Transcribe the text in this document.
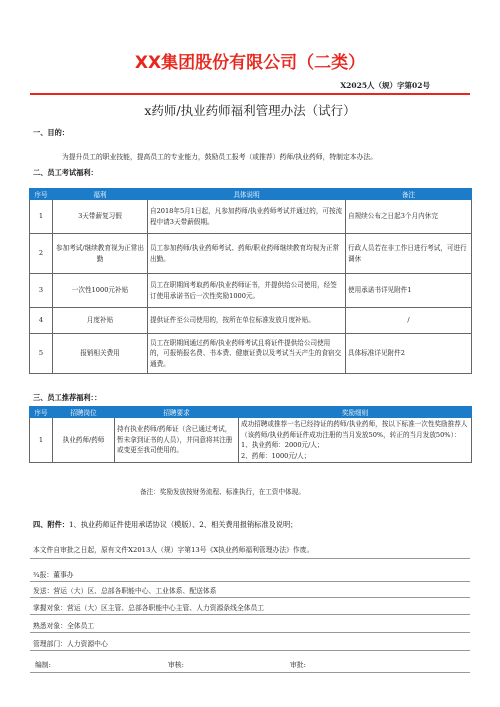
XX集团股份有限公司（二类）
X2025人（规）字第02号
x药师/执业药师福利管理办法（试行）
一、目的：
为提升员工的职业技能，提高员工的专业能力，鼓励员工报考（或推荐）药师/执业药师，特制定本办法。
二、员工考试福利：
序号	福利	具体说明	备注
1	3天带薪复习假	自2018年5月1日起，凡参加药师/执业药师考试并通过的，可按流程申请3天带薪假期。	自规续公布之日起3个月内休完
2	参加考试/继续教育视为正常出勤	员工参加药师/执业药师考试、药师/职业药师继续教育均视为正常出勤。	行政人员若在非工作日进行考试，可进行调休
3	一次性1000元补贴	员工在职期间考取药师/执业药师证书，并提供给公司使用，经签订使用承诺书后一次性奖励1000元。	使用承诺书详见附件1
4	月度补贴	提供证件至公司使用的，按所在单位标准发放月度补贴。	/
5	报销相关费用	员工在职期间通过药师/执业药师考试且将证件提供给公司使用的，可报销报名费、书本费、健康证费以及考试当天产生的食宿交通费。	具体标准详见附件2
三、员工推荐福利：：
序号	招聘岗位	招聘要求	奖励细则
1	执业药师/药师	持有执业药师/药师证（含已通过考试，暂未拿到证书的人员），并同意将其注册或变更至我司使用的。	成功招聘或推荐一名已经持证的药师/执业药师，按以下标准一次性奖励推荐人（该药师/执业药师证件成功注册的当月发放50%，转正的当月发放50%）：
1、执业药师：2000元/人；
2、药师：1000元/人；
备注：奖励发放按财务流程、标准执行，在工资中体现。
四、附件：1、执业药师证件使用承诺协议（模版）、2、相关费用报销标准及说明；
本文件自审批之日起，原有文件X2013人（规）字第13号《X执业药师福利管理办法》作废。
¾报：董事办
发送：营运（大）区、总部各职能中心、工业体系、配送体系
掌握对象：营运（大）区主管、总部各职能中心主管、人力资源条线全体员工
熟悉对象：全体员工
管理部门：人力资源中心
编制:	审核:	审批:
